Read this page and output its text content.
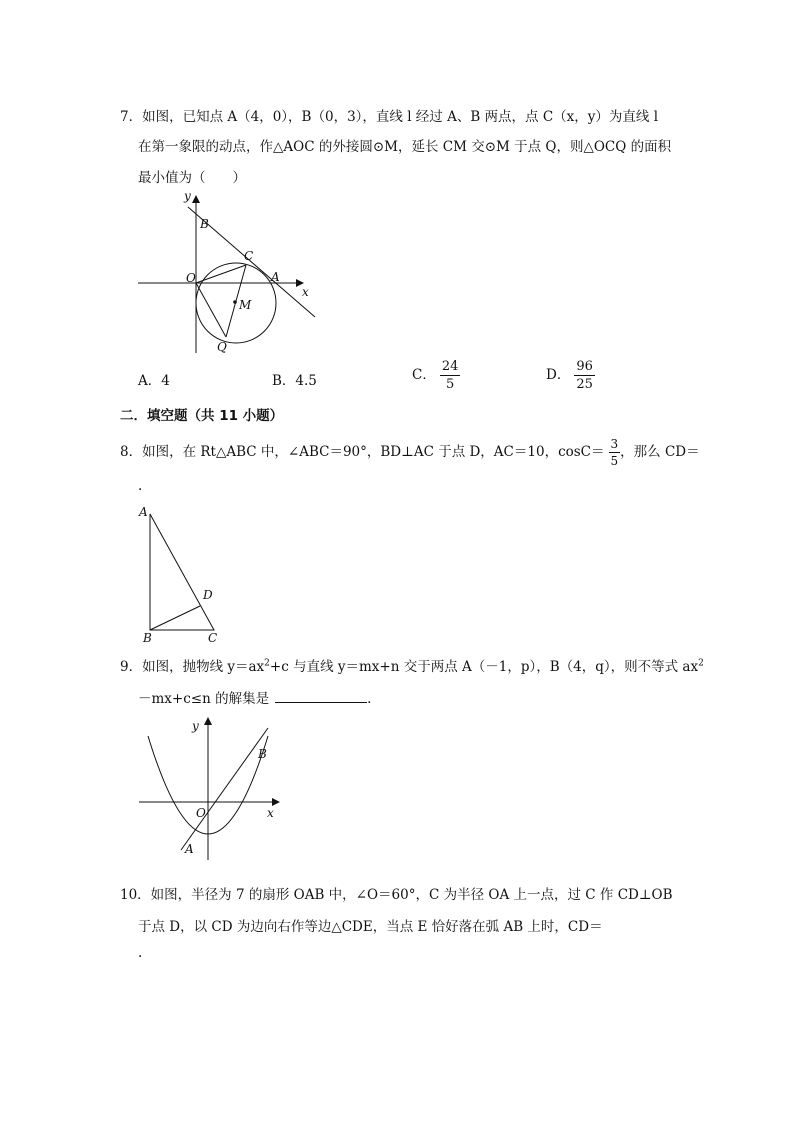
7．如图，已知点 A（4，0），B（0，3），直线 l 经过 A、B 两点，点 C（x，y）为直线 l
在第一象限的动点，作△AOC 的外接圆⊙M，延长 CM 交⊙M 于点 Q，则△OCQ 的面积
最小值为（　　）
y
B
C
O	A
x
M
Q
A．4	B．4.5	C． $\frac{24}{5}$	D． $\frac{96}{25}$
二．填空题（共 11 小题）
8．如图，在 Rt△ABC 中，∠ABC＝90°，BD⊥AC 于点 D，AC＝10，$\cos C= \frac{3}{5}$ ，那么 CD＝
.
A
D
B	C
9．如图，抛物线 $y=ax^2+c$ 与直线 y＝mx+n 交于两点 A（－1，p），B（4，q），则不等式 $ax^2$
－mx+c≤n 的解集是	.
y
B
O	x
A
10．如图，半径为 7 的扇形 OAB 中，∠O＝60°，C 为半径 OA 上一点，过 C 作 CD⊥OB
于点 D，以 CD 为边向右作等边△CDE，当点 E 恰好落在弧 AB 上时，CD＝
.
